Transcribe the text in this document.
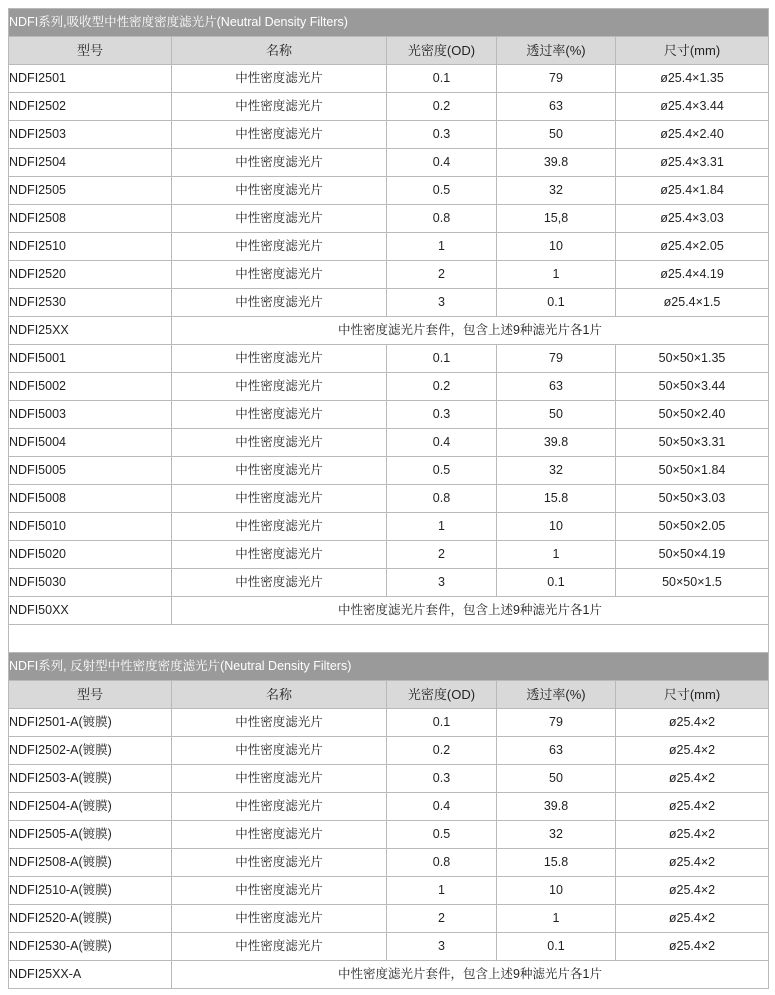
NDFI系列,吸收型中性密度密度滤光片(Neutral Density Filters)				
型号	名称	光密度(OD)	透过率(%)	尺寸(mm)
NDFI2501	中性密度滤光片	0.1	79	ø25.4×1.35
NDFI2502	中性密度滤光片	0.2	63	ø25.4×3.44
NDFI2503	中性密度滤光片	0.3	50	ø25.4×2.40
NDFI2504	中性密度滤光片	0.4	39.8	ø25.4×3.31
NDFI2505	中性密度滤光片	0.5	32	ø25.4×1.84
NDFI2508	中性密度滤光片	0.8	15,8	ø25.4×3.03
NDFI2510	中性密度滤光片	1	10	ø25.4×2.05
NDFI2520	中性密度滤光片	2	1	ø25.4×4.19
NDFI2530	中性密度滤光片	3	0.1	ø25.4×1.5
NDFI25XX	中性密度滤光片套件，包含上述9种滤光片各1片			
NDFI5001	中性密度滤光片	0.1	79	50×50×1.35
NDFI5002	中性密度滤光片	0.2	63	50×50×3.44
NDFI5003	中性密度滤光片	0.3	50	50×50×2.40
NDFI5004	中性密度滤光片	0.4	39.8	50×50×3.31
NDFI5005	中性密度滤光片	0.5	32	50×50×1.84
NDFI5008	中性密度滤光片	0.8	15.8	50×50×3.03
NDFI5010	中性密度滤光片	1	10	50×50×2.05
NDFI5020	中性密度滤光片	2	1	50×50×4.19
NDFI5030	中性密度滤光片	3	0.1	50×50×1.5
NDFI50XX	中性密度滤光片套件，包含上述9种滤光片各1片			

NDFI系列, 反射型中性密度密度滤光片(Neutral Density Filters)				
型号	名称	光密度(OD)	透过率(%)	尺寸(mm)
NDFI2501-A(镀膜)	中性密度滤光片	0.1	79	ø25.4×2
NDFI2502-A(镀膜)	中性密度滤光片	0.2	63	ø25.4×2
NDFI2503-A(镀膜)	中性密度滤光片	0.3	50	ø25.4×2
NDFI2504-A(镀膜)	中性密度滤光片	0.4	39.8	ø25.4×2
NDFI2505-A(镀膜)	中性密度滤光片	0.5	32	ø25.4×2
NDFI2508-A(镀膜)	中性密度滤光片	0.8	15.8	ø25.4×2
NDFI2510-A(镀膜)	中性密度滤光片	1	10	ø25.4×2
NDFI2520-A(镀膜)	中性密度滤光片	2	1	ø25.4×2
NDFI2530-A(镀膜)	中性密度滤光片	3	0.1	ø25.4×2
NDFI25XX-A	中性密度滤光片套件，包含上述9种滤光片各1片			
